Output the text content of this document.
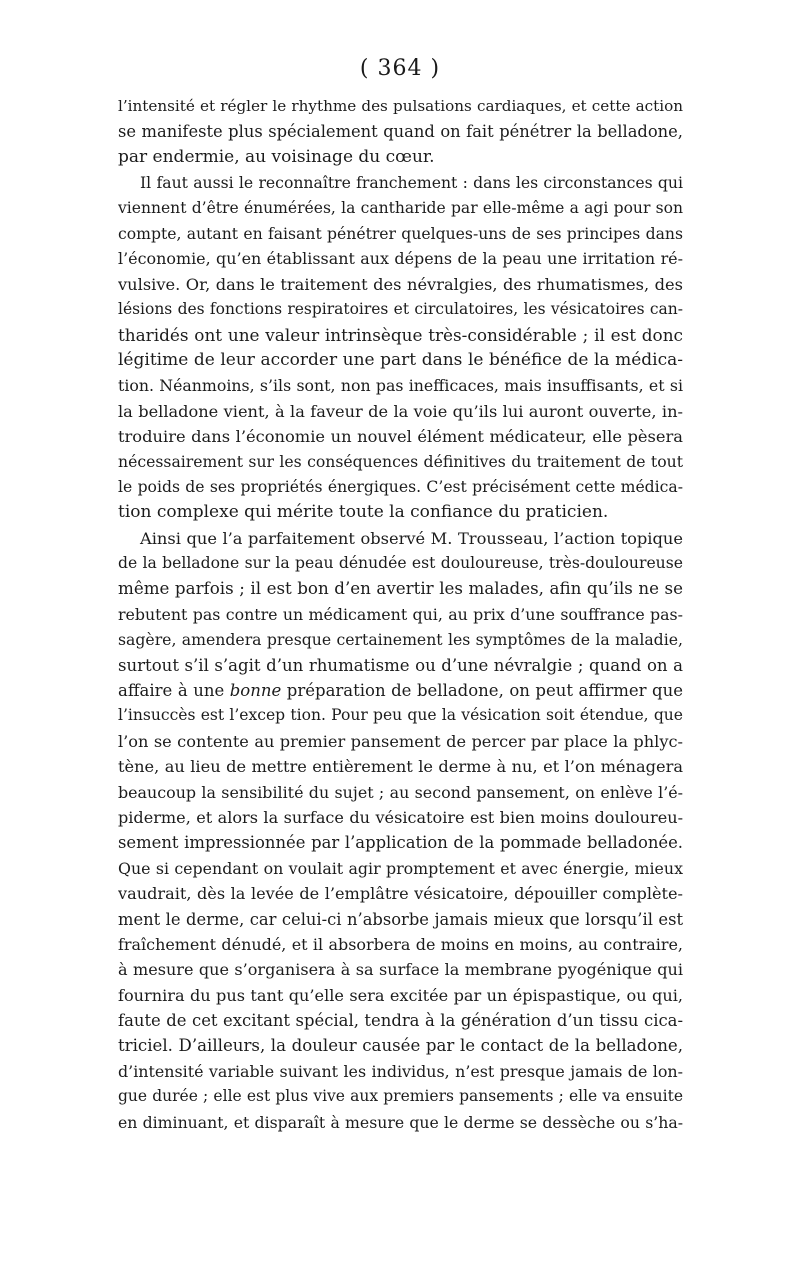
( 364 )
l’intensité et régler le rhythme des pulsations cardiaques, et cette action
se manifeste plus spécialement quand on fait pénétrer la belladone,
par endermie, au voisinage du cœur.
Il faut aussi le reconnaître franchement : dans les circonstances qui
viennent d’être énumérées, la cantharide par elle-même a agi pour son
compte, autant en faisant pénétrer quelques-uns de ses principes dans
l’économie, qu’en établissant aux dépens de la peau une irritation ré-
vulsive. Or, dans le traitement des névralgies, des rhumatismes, des
lésions des fonctions respiratoires et circulatoires, les vésicatoires can-
tharidés ont une valeur intrinsèque très-considérable ; il est donc
légitime de leur accorder une part dans le bénéfice de la médica-
tion. Néanmoins, s’ils sont, non pas inefficaces, mais insuffisants, et si
la belladone vient, à la faveur de la voie qu’ils lui auront ouverte, in-
troduire dans l’économie un nouvel élément médicateur, elle pèsera
nécessairement sur les conséquences définitives du traitement de tout
le poids de ses propriétés énergiques. C’est précisément cette médica-
tion complexe qui mérite toute la confiance du praticien.
Ainsi que l’a parfaitement observé M. Trousseau, l’action topique
de la belladone sur la peau dénudée est douloureuse, très-douloureuse
même parfois ; il est bon d’en avertir les malades, afin qu’ils ne se
rebutent pas contre un médicament qui, au prix d’une souffrance pas-
sagère, amendera presque certainement les symptômes de la maladie,
surtout s’il s’agit d’un rhumatisme ou d’une névralgie ; quand on a
affaire à une bonne préparation de belladone, on peut affirmer que
l’insuccès est l’excep tion. Pour peu que la vésication soit étendue, que
l’on se contente au premier pansement de percer par place la phlyc-
tène, au lieu de mettre entièrement le derme à nu, et l’on ménagera
beaucoup la sensibilité du sujet ; au second pansement, on enlève l’é-
piderme, et alors la surface du vésicatoire est bien moins douloureu-
sement impressionnée par l’application de la pommade belladonée.
Que si cependant on voulait agir promptement et avec énergie, mieux
vaudrait, dès la levée de l’emplâtre vésicatoire, dépouiller complète-
ment le derme, car celui-ci n’absorbe jamais mieux que lorsqu’il est
fraîchement dénudé, et il absorbera de moins en moins, au contraire,
à mesure que s’organisera à sa surface la membrane pyogénique qui
fournira du pus tant qu’elle sera excitée par un épispastique, ou qui,
faute de cet excitant spécial, tendra à la génération d’un tissu cica-
triciel. D’ailleurs, la douleur causée par le contact de la belladone,
d’intensité variable suivant les individus, n’est presque jamais de lon-
gue durée ; elle est plus vive aux premiers pansements ; elle va ensuite
en diminuant, et disparaît à mesure que le derme se dessèche ou s’ha-
